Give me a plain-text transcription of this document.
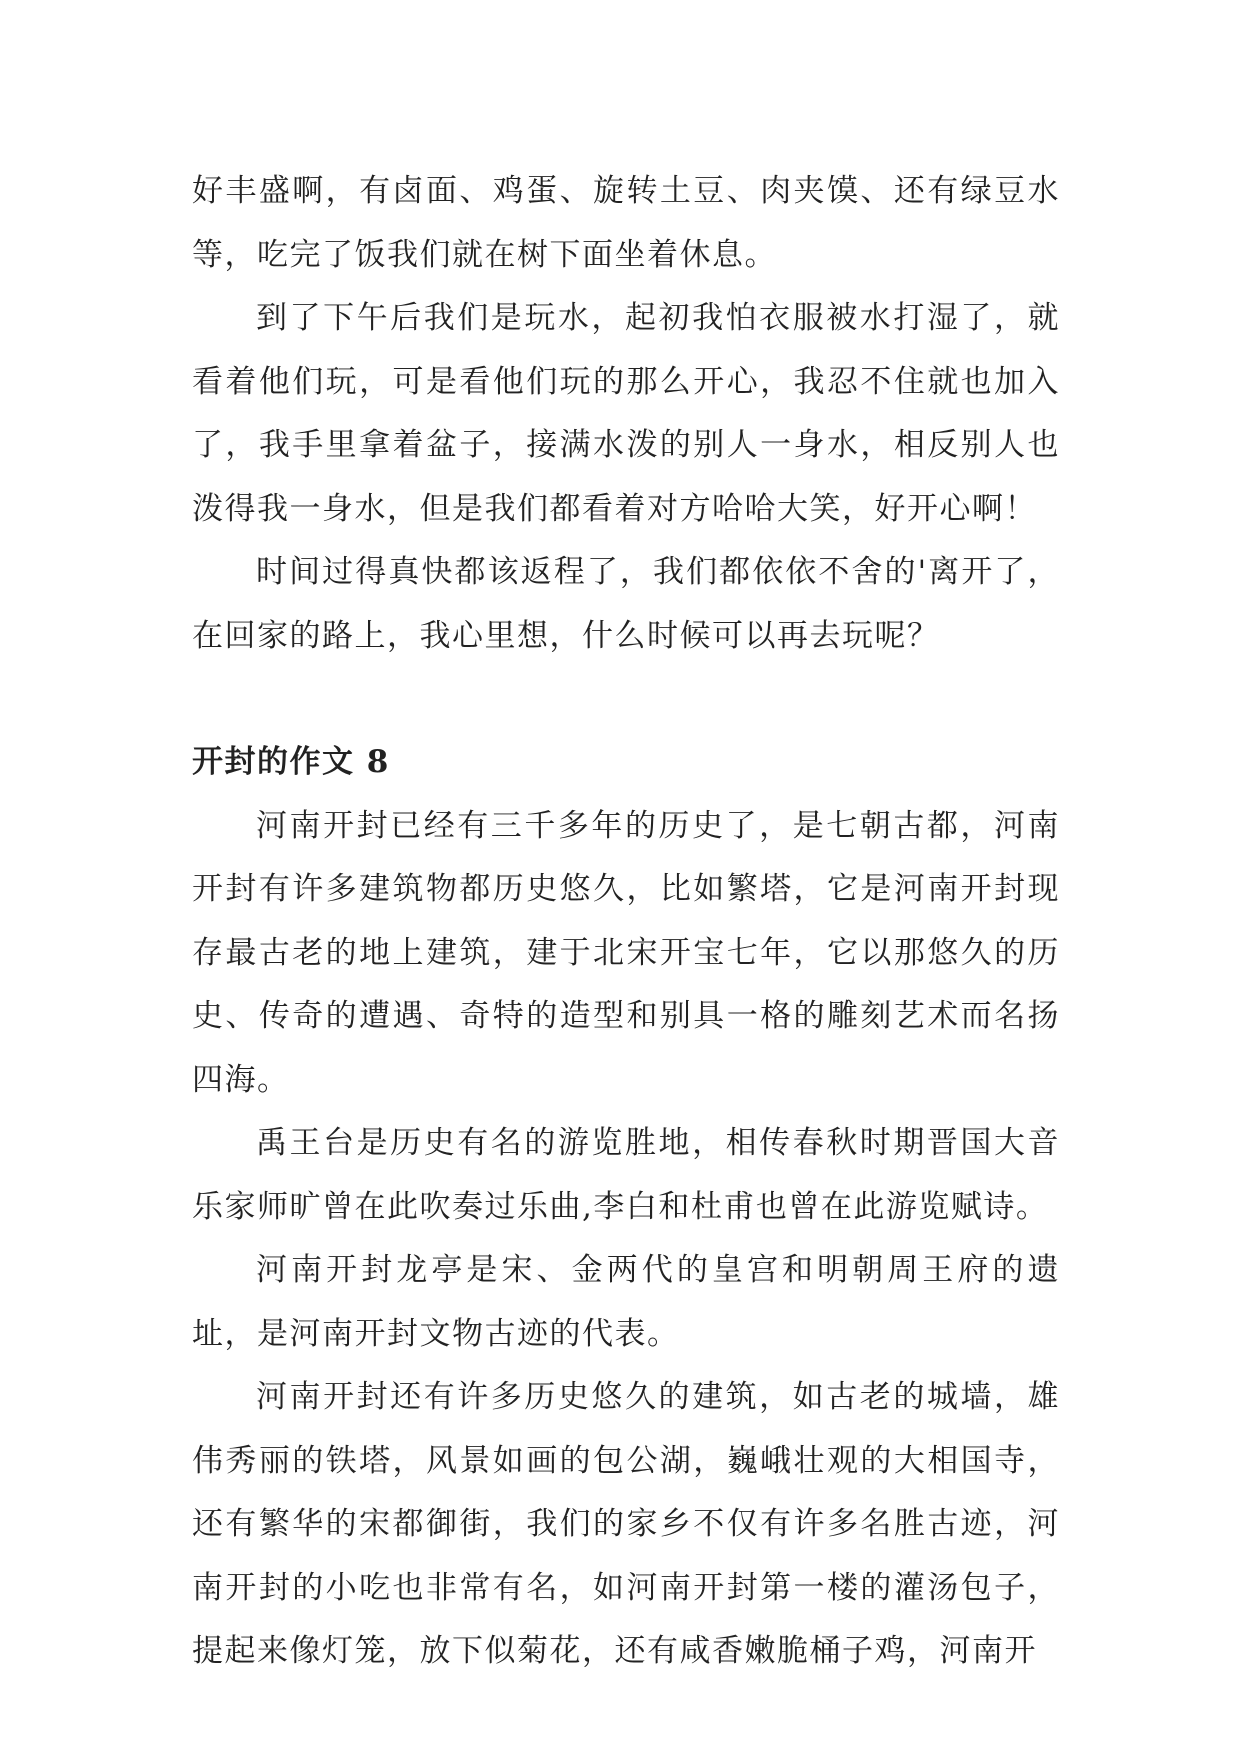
好丰盛啊，有卤面、鸡蛋、旋转土豆、肉夹馍、还有绿豆水等，吃完了饭我们就在树下面坐着休息。

到了下午后我们是玩水，起初我怕衣服被水打湿了，就看着他们玩，可是看他们玩的那么开心，我忍不住就也加入了，我手里拿着盆子，接满水泼的别人一身水，相反别人也泼得我一身水，但是我们都看着对方哈哈大笑，好开心啊！

时间过得真快都该返程了，我们都依依不舍的'离开了，在回家的路上，我心里想，什么时候可以再去玩呢？

开封的作文 8

河南开封已经有三千多年的历史了，是七朝古都，河南开封有许多建筑物都历史悠久，比如繁塔，它是河南开封现存最古老的地上建筑，建于北宋开宝七年，它以那悠久的历史、传奇的遭遇、奇特的造型和别具一格的雕刻艺术而名扬四海。

禹王台是历史有名的游览胜地，相传春秋时期晋国大音乐家师旷曾在此吹奏过乐曲,李白和杜甫也曾在此游览赋诗。

河南开封龙亭是宋、金两代的皇宫和明朝周王府的遗址，是河南开封文物古迹的代表。

河南开封还有许多历史悠久的建筑，如古老的城墙，雄伟秀丽的铁塔，风景如画的包公湖，巍峨壮观的大相国寺，还有繁华的宋都御街，我们的家乡不仅有许多名胜古迹，河南开封的小吃也非常有名，如河南开封第一楼的灌汤包子，提起来像灯笼，放下似菊花，还有咸香嫩脆桶子鸡，河南开
